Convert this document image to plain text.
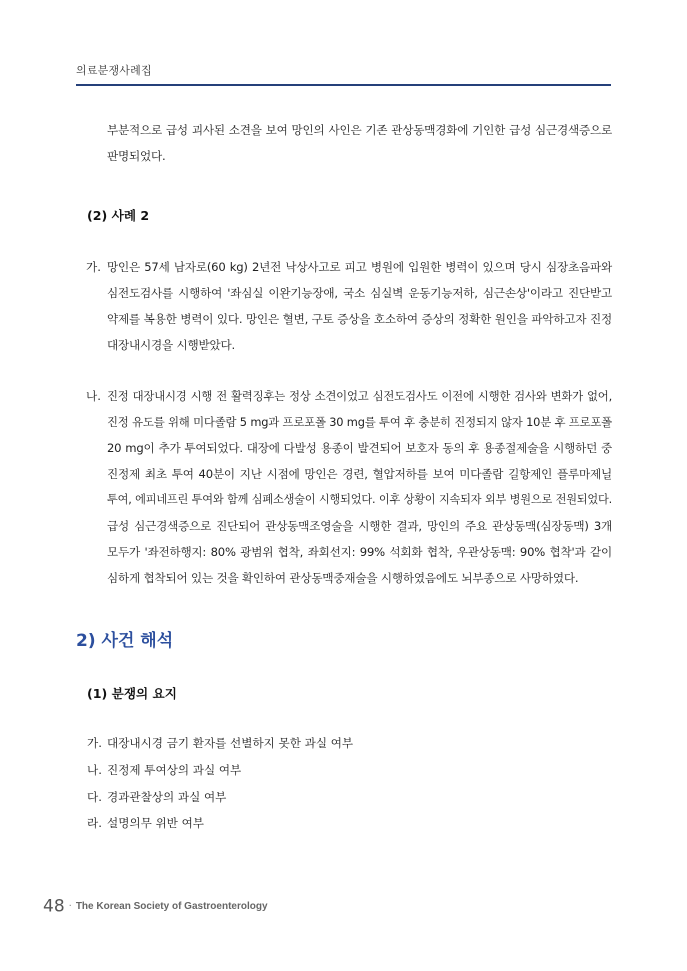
의료분쟁사례집
부분적으로 급성 괴사된 소견을 보여 망인의 사인은 기존 관상동맥경화에 기인한 급성 심근경색증으로
판명되었다.
(2) 사례 2
가. 망인은 57세 남자로(60 kg) 2년전 낙상사고로 피고 병원에 입원한 병력이 있으며 당시 심장초음파와
심전도검사를 시행하여 '좌심실 이완기능장애, 국소 심실벽 운동기능저하, 심근손상'이라고 진단받고
약제를 복용한 병력이 있다. 망인은 혈변, 구토 증상을 호소하여 증상의 정확한 원인을 파악하고자 진정
대장내시경을 시행받았다.
나. 진정 대장내시경 시행 전 활력징후는 정상 소견이었고 심전도검사도 이전에 시행한 검사와 변화가 없어,
진정 유도를 위해 미다졸람 5 mg과 프로포폴 30 mg를 투여 후 충분히 진정되지 않자 10분 후 프로포폴
20 mg이 추가 투여되었다. 대장에 다발성 용종이 발견되어 보호자 동의 후 용종절제술을 시행하던 중
진정제 최초 투여 40분이 지난 시점에 망인은 경련, 혈압저하를 보여 미다졸람 길항제인 플루마제닐
투여, 에피네프린 투여와 함께 심폐소생술이 시행되었다. 이후 상황이 지속되자 외부 병원으로 전원되었다.
급성 심근경색증으로 진단되어 관상동맥조영술을 시행한 결과, 망인의 주요 관상동맥(심장동맥) 3개
모두가 '좌전하행지: 80% 광범위 협착, 좌회선지: 99% 석회화 협착, 우관상동맥: 90% 협착'과 같이
심하게 협착되어 있는 것을 확인하여 관상동맥중재술을 시행하였음에도 뇌부종으로 사망하였다.
2) 사건 해석
(1) 분쟁의 요지
가. 대장내시경 금기 환자를 선별하지 못한 과실 여부
나. 진정제 투여상의 과실 여부
다. 경과관찰상의 과실 여부
라. 설명의무 위반 여부
48 · The Korean Society of Gastroenterology
